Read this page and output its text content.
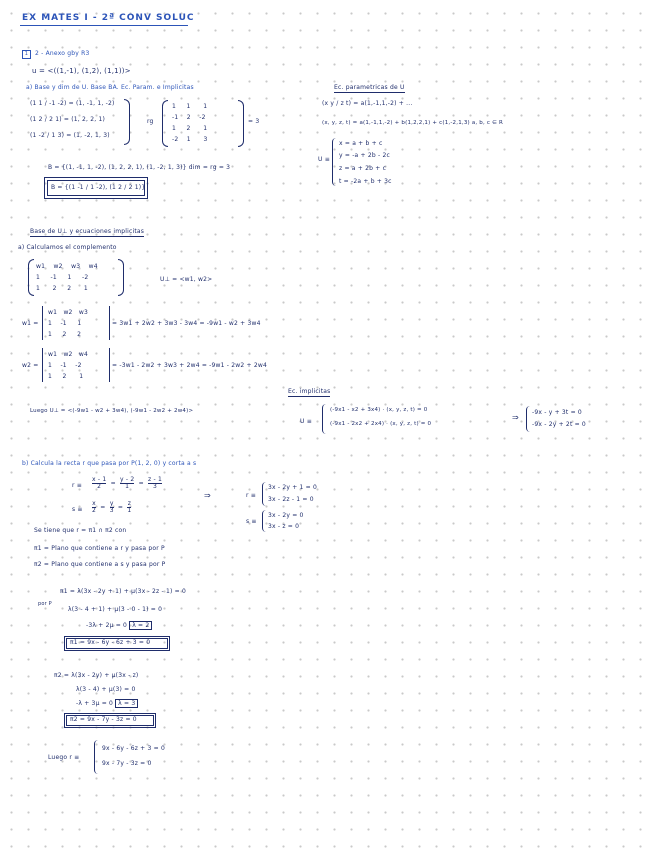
EX MATES I - 2ª CONV SOLUC
1 2 - Anexo gby R3
u = <((1,-1), (1,2), (1,1))>
a) Base y dim de U. Base BA. Ec. Param. e Implicitas
(1 1 / -1 -2) = (1, -1, 1, -2)
(1 2 / 2 1) = (1, 2, 2, 1)
(1 -2 / 1 3) = (1, -2, 1, 3)
rg
1     1      1
-1    2    -2
1     2      1
-2    1      3
= 3
B = {(1, -1, 1, -2), (1, 2, 2, 1), (1, -2, 1, 3)} dim = rg = 3
B = {(1 -1 / 1 -2), (1 2 / 2 1)}
Ec. parametricas de U
(x y / z t) = a(1,-1,1,-2) + ...
(x, y, z, t) = a(1,-1,1,-2) + b(1,2,2,1) + c(1,-2,1,3) a, b, c ∈ R
U ≡
x = a + b + c
y = -a + 2b - 2c
z = a + 2b + c
t = -2a + b + 3c
Base de U⊥ y ecuaciones implicitas
a) Calculamos el complemento
w1    w2    w3    w4
1     -1     1     -2
1      2     2      1
U⊥ = <w1, w2>
w1 =
w1   w2   w3
1    -1     1
1     2     2
= 3w1 + 2w2 + 3w3 - 3w4 = -9w1 - w2 + 3w4
w2 =
w1   w2   w4
1    -1    -2
1     2      1
= -3w1 - 2w2 + 3w3 + 2w4 = -9w1 - 2w2 + 2w4
Ec. implicitas
Luego U⊥ = <(-9w1 - w2 + 3w4), (-9w1 - 2w2 + 2w4)>
U ≡
(-9x1 - x2 + 3x4) · (x, y, z, t) = 0
(-9x1 - 2x2 + 2x4) · (x, y, z, t) = 0
⇒
-9x - y + 3t = 0
-9x - 2y + 2t = 0
b) Calcula la recta r que pasa por P(1, 2, 0) y corta a s
$r \equiv \frac{x - 1}{2} = \frac{y - 2}{1} = \frac{z - 1}{3}$
$s \equiv \frac{x}{2} = \frac{y}{3} = \frac{z}{1}$
⇒	r ≡
3x - 2y + 1 = 0
3x - 2z - 1 = 0
s ≡
3x - 2y = 0
3x - z = 0
Se tiene que r = π1 ∩ π2 con
π1 = Plano que contiene a r y pasa por P
π2 = Plano que contiene a s y pasa por P
π1 = λ(3x - 2y + 1) + μ(3x - 2z - 1) = 0
por P
λ(3 - 4 + 1) + μ(3 - 0 - 1) = 0
-3λ + 2μ = 0 λ = 2
π1 = 9x - 6y - 6z + 3 = 0
π2 = λ(3x - 2y) + μ(3x - z)
λ(3 - 4) + μ(3) = 0
-λ + 3μ = 0 λ = 3
π2 = 9x - 7y - 3z = 0
Luego r ≡
9x - 6y - 6z + 3 = 0
9x - 7y - 3z = 0
